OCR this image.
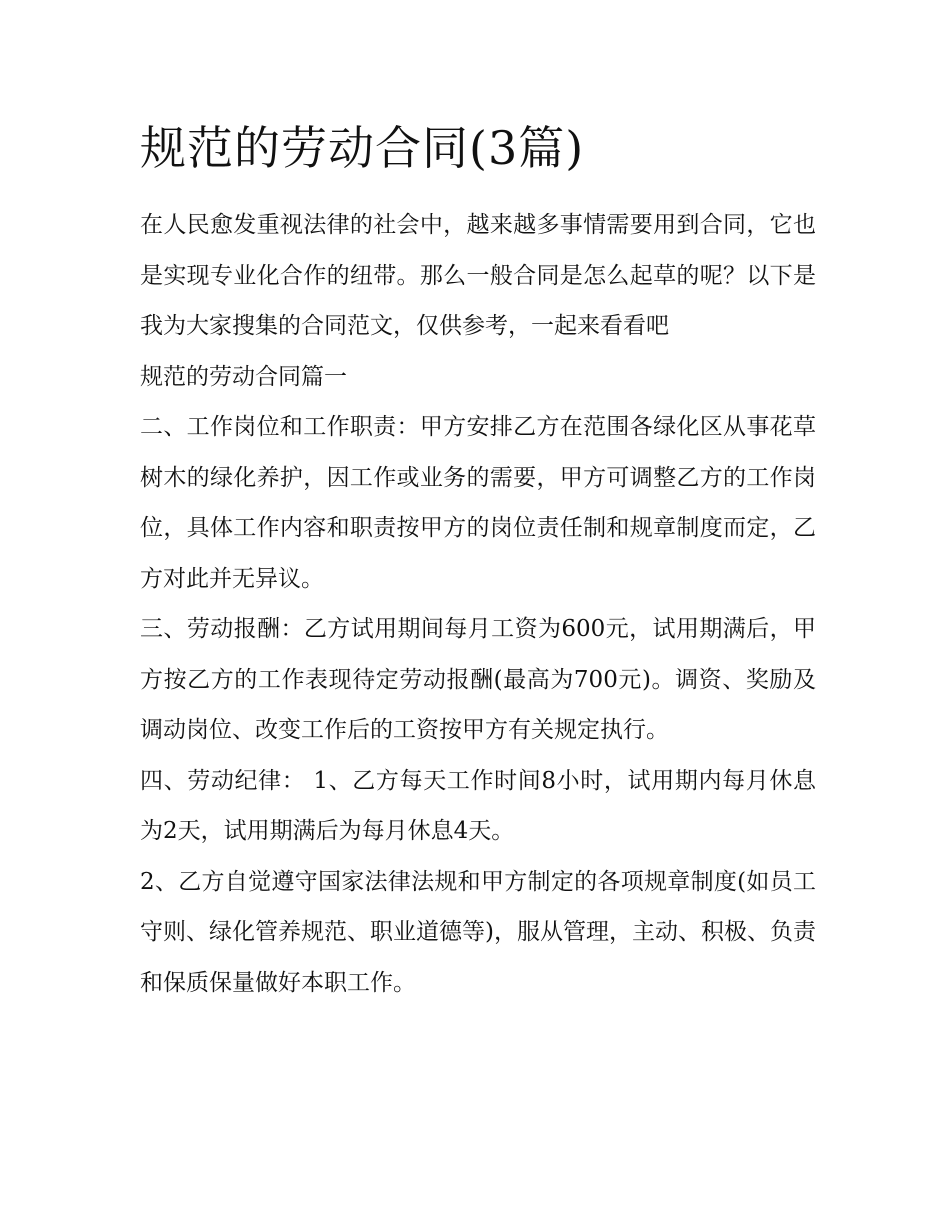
规范的劳动合同(3篇)

在人民愈发重视法律的社会中，越来越多事情需要用到合同，它也是实现专业化合作的纽带。那么一般合同是怎么起草的呢？以下是我为大家搜集的合同范文，仅供参考，一起来看看吧

规范的劳动合同篇一

二、工作岗位和工作职责：甲方安排乙方在范围各绿化区从事花草树木的绿化养护，因工作或业务的需要，甲方可调整乙方的工作岗位，具体工作内容和职责按甲方的岗位责任制和规章制度而定，乙方对此并无异议。

三、劳动报酬：乙方试用期间每月工资为600元，试用期满后，甲方按乙方的工作表现待定劳动报酬(最高为700元)。调资、奖励及调动岗位、改变工作后的工资按甲方有关规定执行。

四、劳动纪律： 1、乙方每天工作时间8小时，试用期内每月休息为2天，试用期满后为每月休息4天。

2、乙方自觉遵守国家法律法规和甲方制定的各项规章制度(如员工守则、绿化管养规范、职业道德等)，服从管理，主动、积极、负责和保质保量做好本职工作。
